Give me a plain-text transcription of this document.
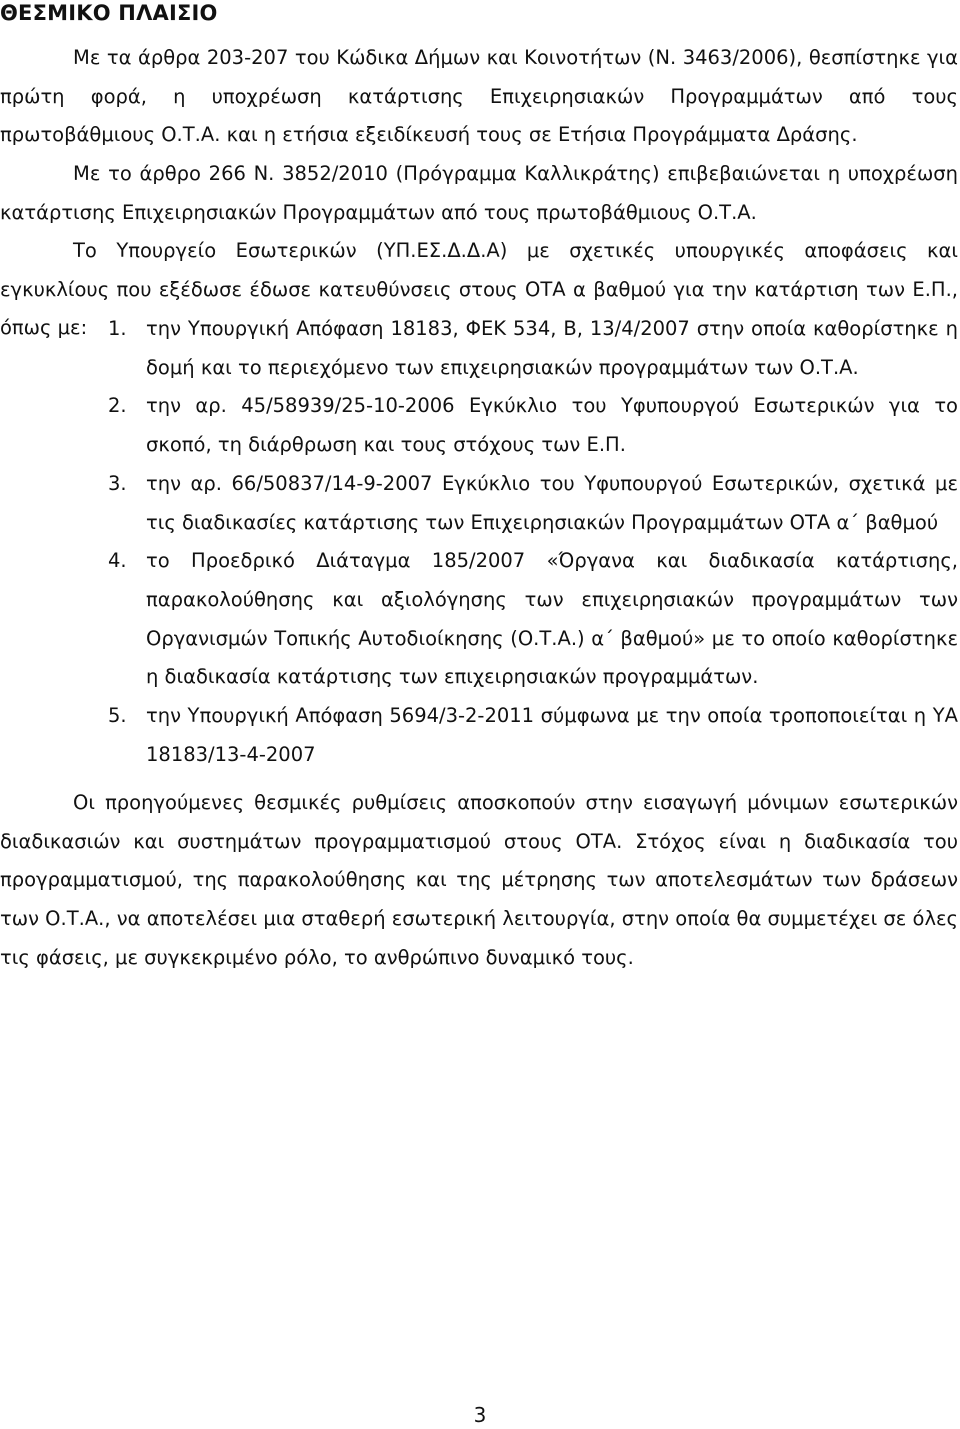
ΘΕΣΜΙΚΟ ΠΛΑΙΣΙΟ

Με τα άρθρα 203-207 του Κώδικα Δήμων και Κοινοτήτων (Ν. 3463/2006), θεσπίστηκε για πρώτη φορά, η υποχρέωση κατάρτισης Επιχειρησιακών Προγραμμάτων από τους πρωτοβάθμιους Ο.Τ.Α. και η ετήσια εξειδίκευσή τους σε Ετήσια Προγράμματα Δράσης.

Με το άρθρο 266 Ν. 3852/2010 (Πρόγραμμα Καλλικράτης) επιβεβαιώνεται η υποχρέωση κατάρτισης Επιχειρησιακών Προγραμμάτων από τους πρωτοβάθμιους Ο.Τ.Α.

Το Υπουργείο Εσωτερικών (ΥΠ.ΕΣ.Δ.Δ.Α) με σχετικές υπουργικές αποφάσεις και εγκυκλίους που εξέδωσε έδωσε κατευθύνσεις στους ΟΤΑ α βαθμού για την κατάρτιση των Ε.Π., όπως με:	1. την Υπουργική Απόφαση 18183, ΦΕΚ 534, Β, 13/4/2007 στην οποία καθορίστηκε η δομή και το περιεχόμενο των επιχειρησιακών προγραμμάτων των Ο.Τ.Α.
2. την αρ. 45/58939/25-10-2006 Εγκύκλιο του Υφυπουργού Εσωτερικών για το σκοπό, τη διάρθρωση και τους στόχους των Ε.Π.
3. την αρ. 66/50837/14-9-2007 Εγκύκλιο του Υφυπουργού Εσωτερικών, σχετικά με τις διαδικασίες κατάρτισης των Επιχειρησιακών Προγραμμάτων ΟΤΑ α΄ βαθμού
4. το Προεδρικό Διάταγμα 185/2007 «Όργανα και διαδικασία κατάρτισης, παρακολούθησης και αξιολόγησης των επιχειρησιακών προγραμμάτων των Οργανισμών Τοπικής Αυτοδιοίκησης (Ο.Τ.Α.) α΄ βαθμού» με το οποίο καθορίστηκε η διαδικασία κατάρτισης των επιχειρησιακών προγραμμάτων.
5. την Υπουργική Απόφαση 5694/3-2-2011 σύμφωνα με την οποία τροποποιείται η ΥΑ 18183/13-4-2007

Οι προηγούμενες θεσμικές ρυθμίσεις αποσκοπούν στην εισαγωγή μόνιμων εσωτερικών διαδικασιών και συστημάτων προγραμματισμού στους ΟΤΑ. Στόχος είναι η διαδικασία του προγραμματισμού, της παρακολούθησης και της μέτρησης των αποτελεσμάτων των δράσεων των Ο.Τ.Α., να αποτελέσει μια σταθερή εσωτερική λειτουργία, στην οποία θα συμμετέχει σε όλες τις φάσεις, με συγκεκριμένο ρόλο, το ανθρώπινο δυναμικό τους.

3
